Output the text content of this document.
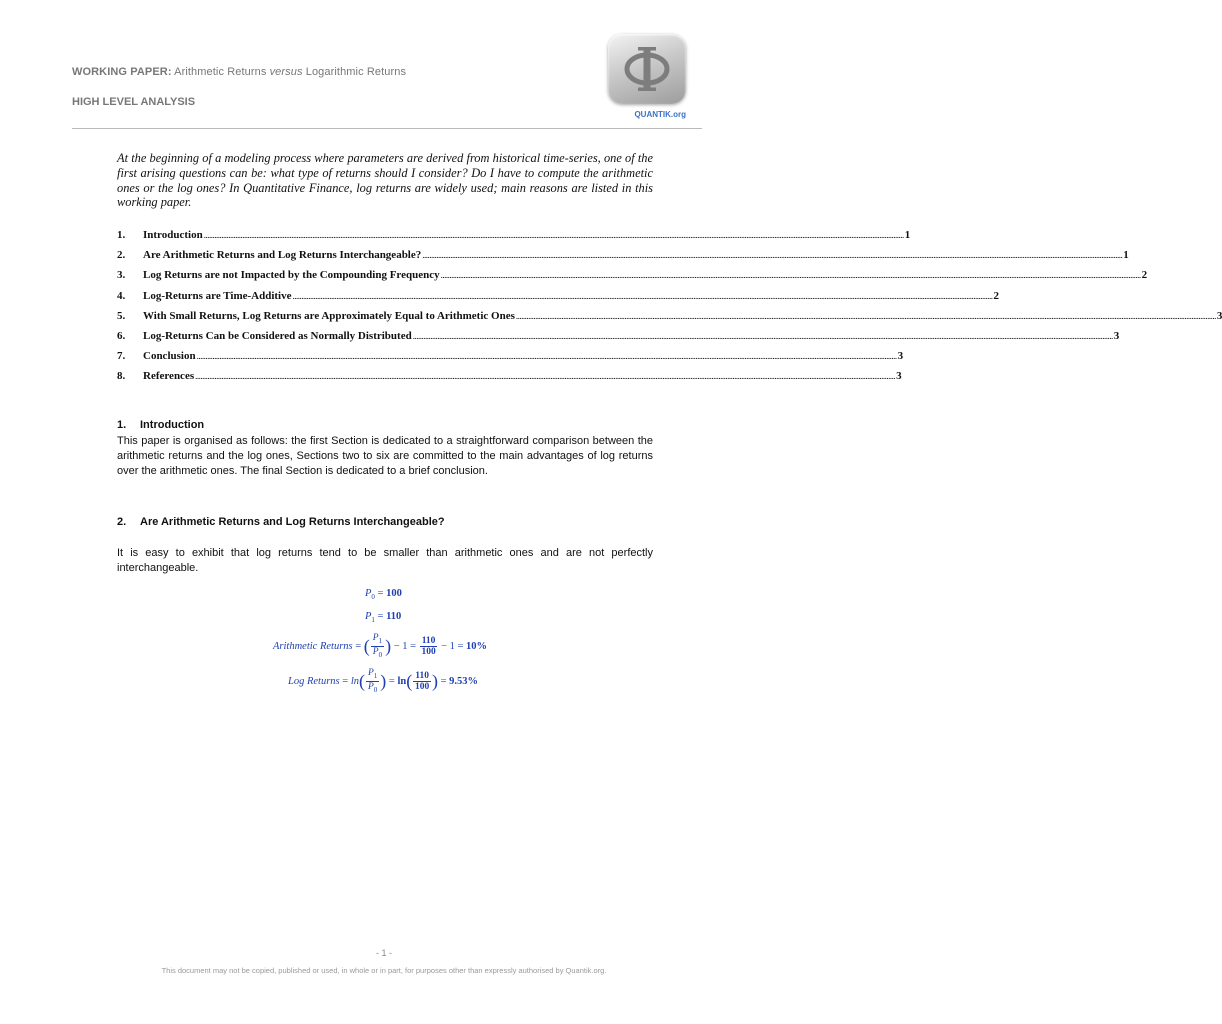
WORKING PAPER: Arithmetic Returns versus Logarithmic Returns
HIGH LEVEL ANALYSIS
QUANTIK.org
At the beginning of a modeling process where parameters are derived from historical time-series, one of the first arising questions can be: what type of returns should I consider? Do I have to compute the arithmetic ones or the log ones? In Quantitative Finance, log returns are widely used; main reasons are listed in this working paper.
1.	Introduction ................................................................................................................................................................................................................................................................................................................................................................................................................ 1
2.	Are Arithmetic Returns and Log Returns Interchangeable? ................................................................................................................................................................................................................................................................................................................................................................................................................ 1
3.	Log Returns are not Impacted by the Compounding Frequency ................................................................................................................................................................................................................................................................................................................................................................................................................ 2
4.	Log-Returns are Time-Additive ................................................................................................................................................................................................................................................................................................................................................................................................................ 2
5.	With Small Returns, Log Returns are Approximately Equal to Arithmetic Ones ................................................................................................................................................................................................................................................................................................................................................................................................................ 3
6.	Log-Returns Can be Considered as Normally Distributed ................................................................................................................................................................................................................................................................................................................................................................................................................ 3
7.	Conclusion ................................................................................................................................................................................................................................................................................................................................................................................................................ 3
8.	References ................................................................................................................................................................................................................................................................................................................................................................................................................ 3
1. Introduction
This paper is organised as follows: the first Section is dedicated to a straightforward comparison between the arithmetic returns and the log ones, Sections two to six are committed to the main advantages of log returns over the arithmetic ones. The final Section is dedicated to a brief conclusion.
2. Are Arithmetic Returns and Log Returns Interchangeable?
It is easy to exhibit that log returns tend to be smaller than arithmetic ones and are not perfectly interchangeable.
$P_0 = 100$
$P_1 = 110$
Arithmetic Returns = ( $\frac{P_1}{P_0}$ ) − $1 = \frac{110}{100} - 1 = 10\%$
Log Returns = $\ln( \frac{P_1}{P_0}$ ) = $\ln( \frac{110}{100}$ ) = 9.53%
- 1 -
This document may not be copied, published or used, in whole or in part, for purposes other than expressly authorised by Quantik.org.
